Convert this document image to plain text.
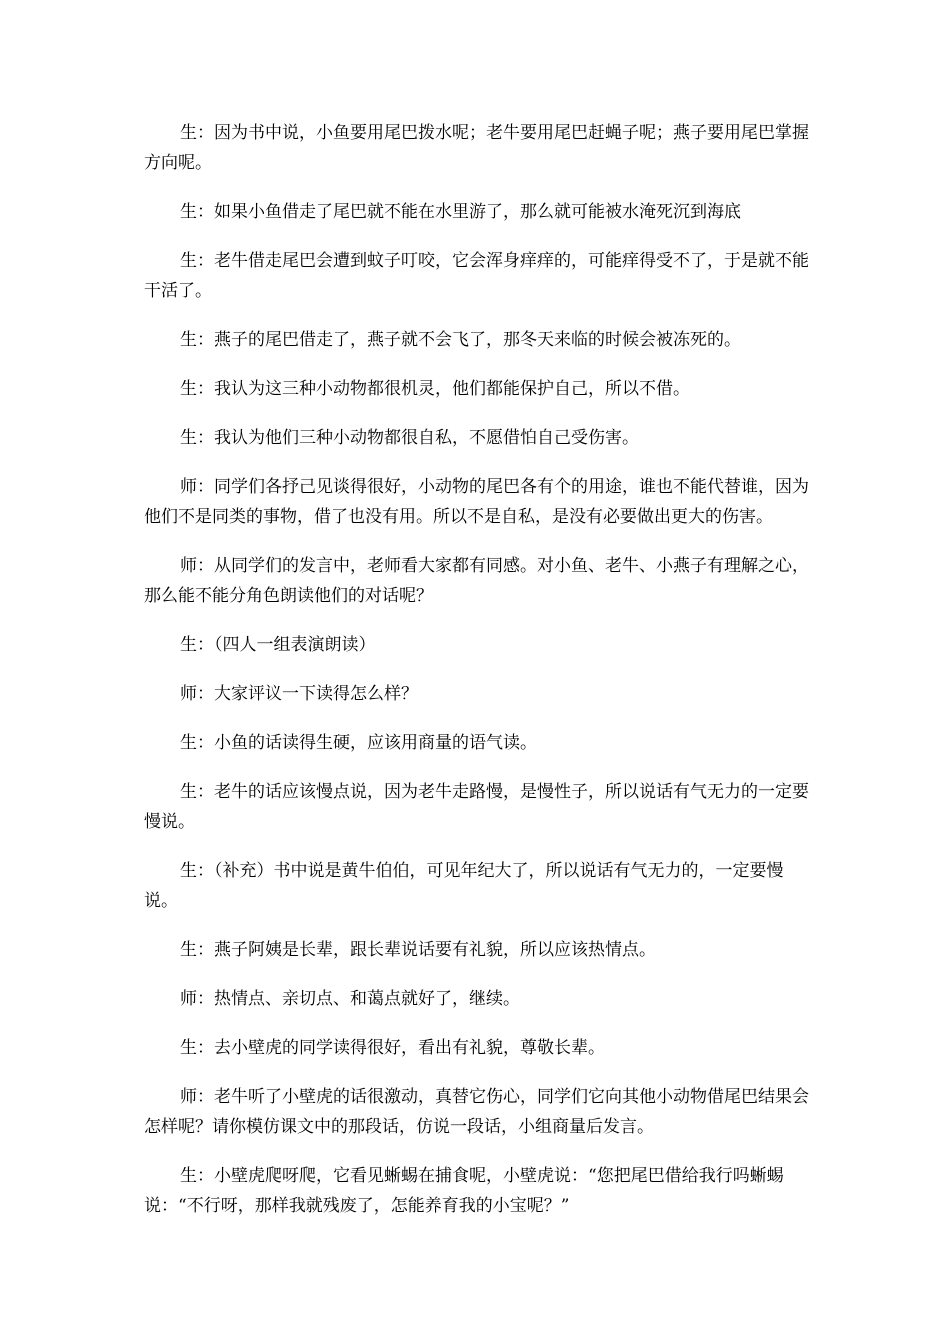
生：因为书中说，小鱼要用尾巴拨水呢；老牛要用尾巴赶蝇子呢；燕子要用尾巴掌握方向呢。

生：如果小鱼借走了尾巴就不能在水里游了，那么就可能被水淹死沉到海底

生：老牛借走尾巴会遭到蚊子叮咬，它会浑身痒痒的，可能痒得受不了，于是就不能干活了。

生：燕子的尾巴借走了，燕子就不会飞了，那冬天来临的时候会被冻死的。

生：我认为这三种小动物都很机灵，他们都能保护自己，所以不借。

生：我认为他们三种小动物都很自私，不愿借怕自己受伤害。

师：同学们各抒己见谈得很好，小动物的尾巴各有个的用途，谁也不能代替谁，因为他们不是同类的事物，借了也没有用。所以不是自私，是没有必要做出更大的伤害。

师：从同学们的发言中，老师看大家都有同感。对小鱼、老牛、小燕子有理解之心，那么能不能分角色朗读他们的对话呢？

生：（四人一组表演朗读）

师：大家评议一下读得怎么样？

生：小鱼的话读得生硬，应该用商量的语气读。

生：老牛的话应该慢点说，因为老牛走路慢，是慢性子，所以说话有气无力的一定要慢说。

生：（补充）书中说是黄牛伯伯，可见年纪大了，所以说话有气无力的，一定要慢说。

生：燕子阿姨是长辈，跟长辈说话要有礼貌，所以应该热情点。

师：热情点、亲切点、和蔼点就好了，继续。

生：去小壁虎的同学读得很好，看出有礼貌，尊敬长辈。

师：老牛听了小壁虎的话很激动，真替它伤心，同学们它向其他小动物借尾巴结果会怎样呢？请你模仿课文中的那段话，仿说一段话，小组商量后发言。

生：小壁虎爬呀爬，它看见蜥蜴在捕食呢，小壁虎说：“您把尾巴借给我行吗蜥蜴说：“不行呀，那样我就残废了，怎能养育我的小宝呢？”
